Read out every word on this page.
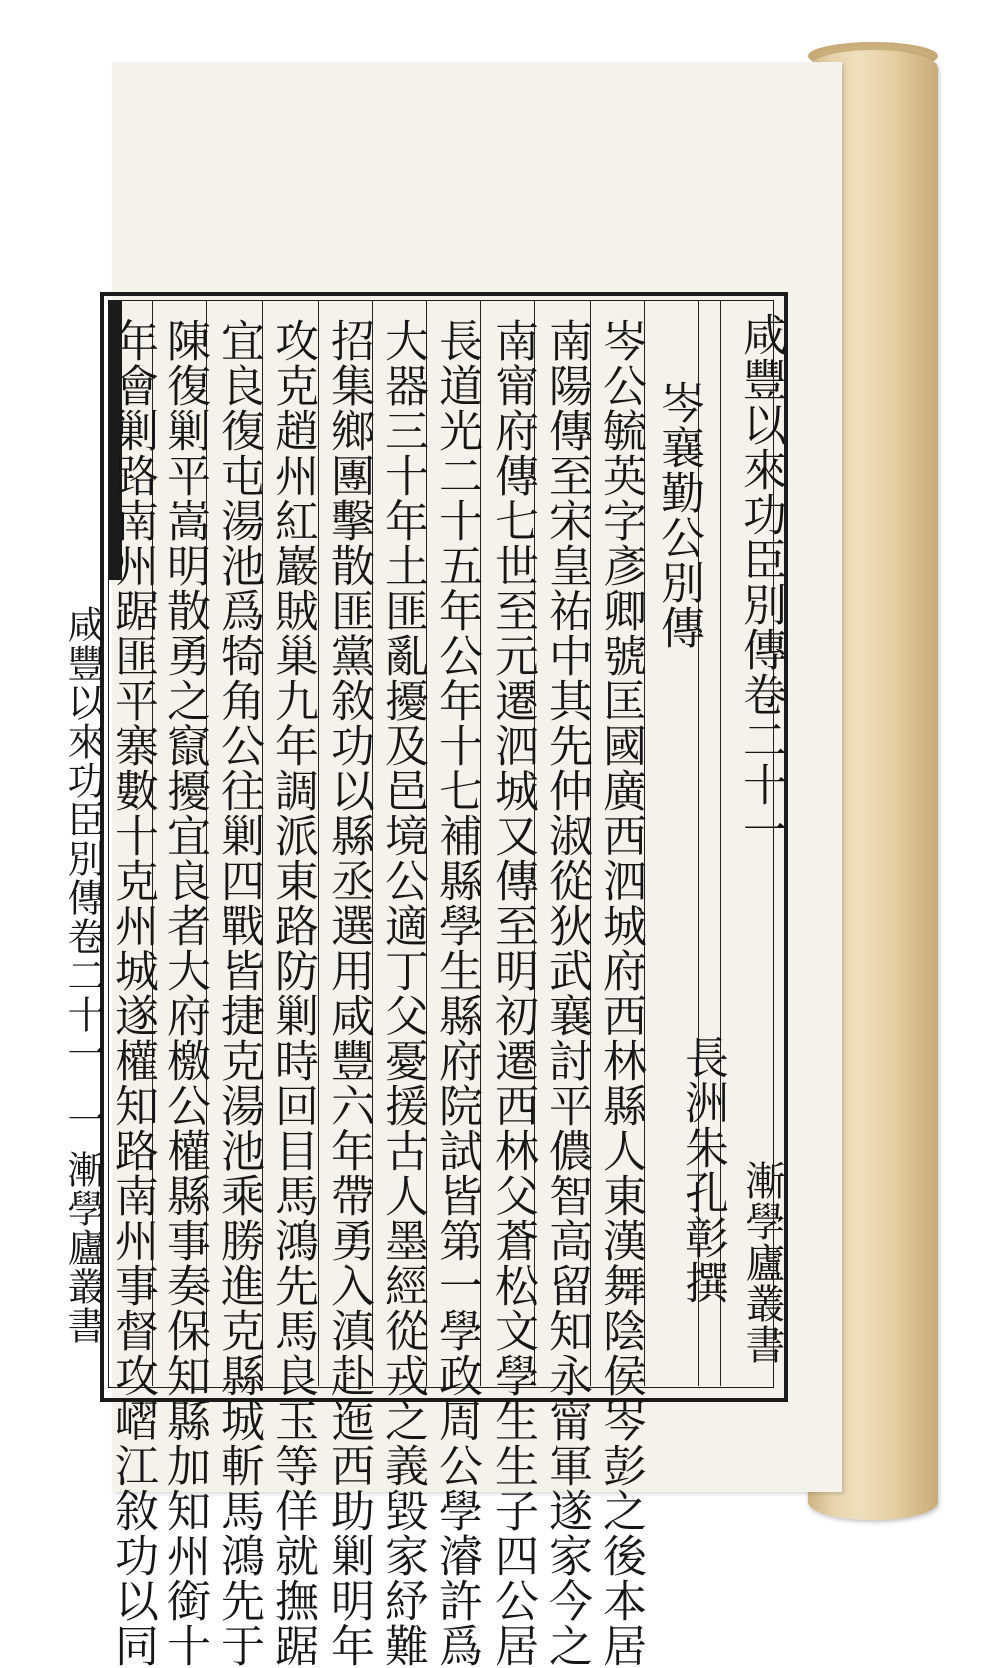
咸豐以來功臣別傳卷二十一
漸學廬叢書
岑襄勤公別傳
長洲朱孔彰撰
岑公毓英字彥卿號匡國廣西泗城府西林縣人東漢舞陰侯岑彭之後本居
南陽傳至宋皇祐中其先仲淑從狄武襄討平儂智高留知永甯軍遂家今之
南甯府傳七世至元遷泗城又傳至明初遷西林父蒼松文學生生子四公居
長道光二十五年公年十七補縣學生縣府院試皆第一學政周公學濬許爲
大器三十年土匪亂擾及邑境公適丁父憂援古人墨經從戎之義毀家紓難
招集鄉團擊散匪黨敘功以縣丞選用咸豐六年帶勇入滇赴迤西助剿明年
攻克趙州紅巖賊巢九年調派東路防剿時回目馬鴻先馬良玉等佯就撫踞
宜良復屯湯池爲犄角公往剿四戰皆捷克湯池乘勝進克縣城斬馬鴻先于
陳復剿平嵩明散勇之竄擾宜良者大府檄公權縣事奏保知縣加知州銜十
年會剿路南州踞匪平寨數十克州城遂權知路南州事督攻嶍江敘功以同
咸豐以來功臣別傳卷二十一
一
漸學廬叢書
